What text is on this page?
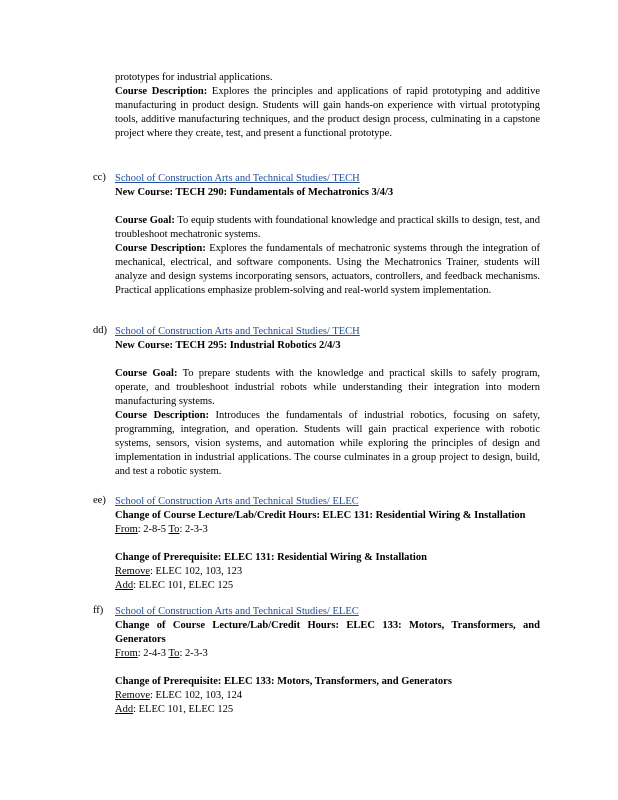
prototypes for industrial applications.

Course Description: Explores the principles and applications of rapid prototyping and additive manufacturing in product design. Students will gain hands-on experience with virtual prototyping tools, additive manufacturing techniques, and the product design process, culminating in a capstone project where they create, test, and present a functional prototype.

cc) School of Construction Arts and Technical Studies/ TECH

New Course: TECH 290: Fundamentals of Mechatronics 3/4/3

Course Goal: To equip students with foundational knowledge and practical skills to design, test, and troubleshoot mechatronic systems.

Course Description: Explores the fundamentals of mechatronic systems through the integration of mechanical, electrical, and software components. Using the Mechatronics Trainer, students will analyze and design systems incorporating sensors, actuators, controllers, and feedback mechanisms. Practical applications emphasize problem-solving and real-world system implementation.

dd) School of Construction Arts and Technical Studies/ TECH

New Course: TECH 295: Industrial Robotics 2/4/3

Course Goal: To prepare students with the knowledge and practical skills to safely program, operate, and troubleshoot industrial robots while understanding their integration into modern manufacturing systems.

Course Description: Introduces the fundamentals of industrial robotics, focusing on safety, programming, integration, and operation. Students will gain practical experience with robotic systems, sensors, vision systems, and automation while exploring the principles of design and implementation in industrial applications. The course culminates in a group project to design, build, and test a robotic system.

ee) School of Construction Arts and Technical Studies/ ELEC

Change of Course Lecture/Lab/Credit Hours: ELEC 131: Residential Wiring & Installation

From: 2-8-5 To: 2-3-3

Change of Prerequisite: ELEC 131: Residential Wiring & Installation

Remove: ELEC 102, 103, 123

Add: ELEC 101, ELEC 125

ff) School of Construction Arts and Technical Studies/ ELEC

Change of Course Lecture/Lab/Credit Hours: ELEC 133: Motors, Transformers, and Generators

From: 2-4-3 To: 2-3-3

Change of Prerequisite: ELEC 133: Motors, Transformers, and Generators

Remove: ELEC 102, 103, 124

Add: ELEC 101, ELEC 125
